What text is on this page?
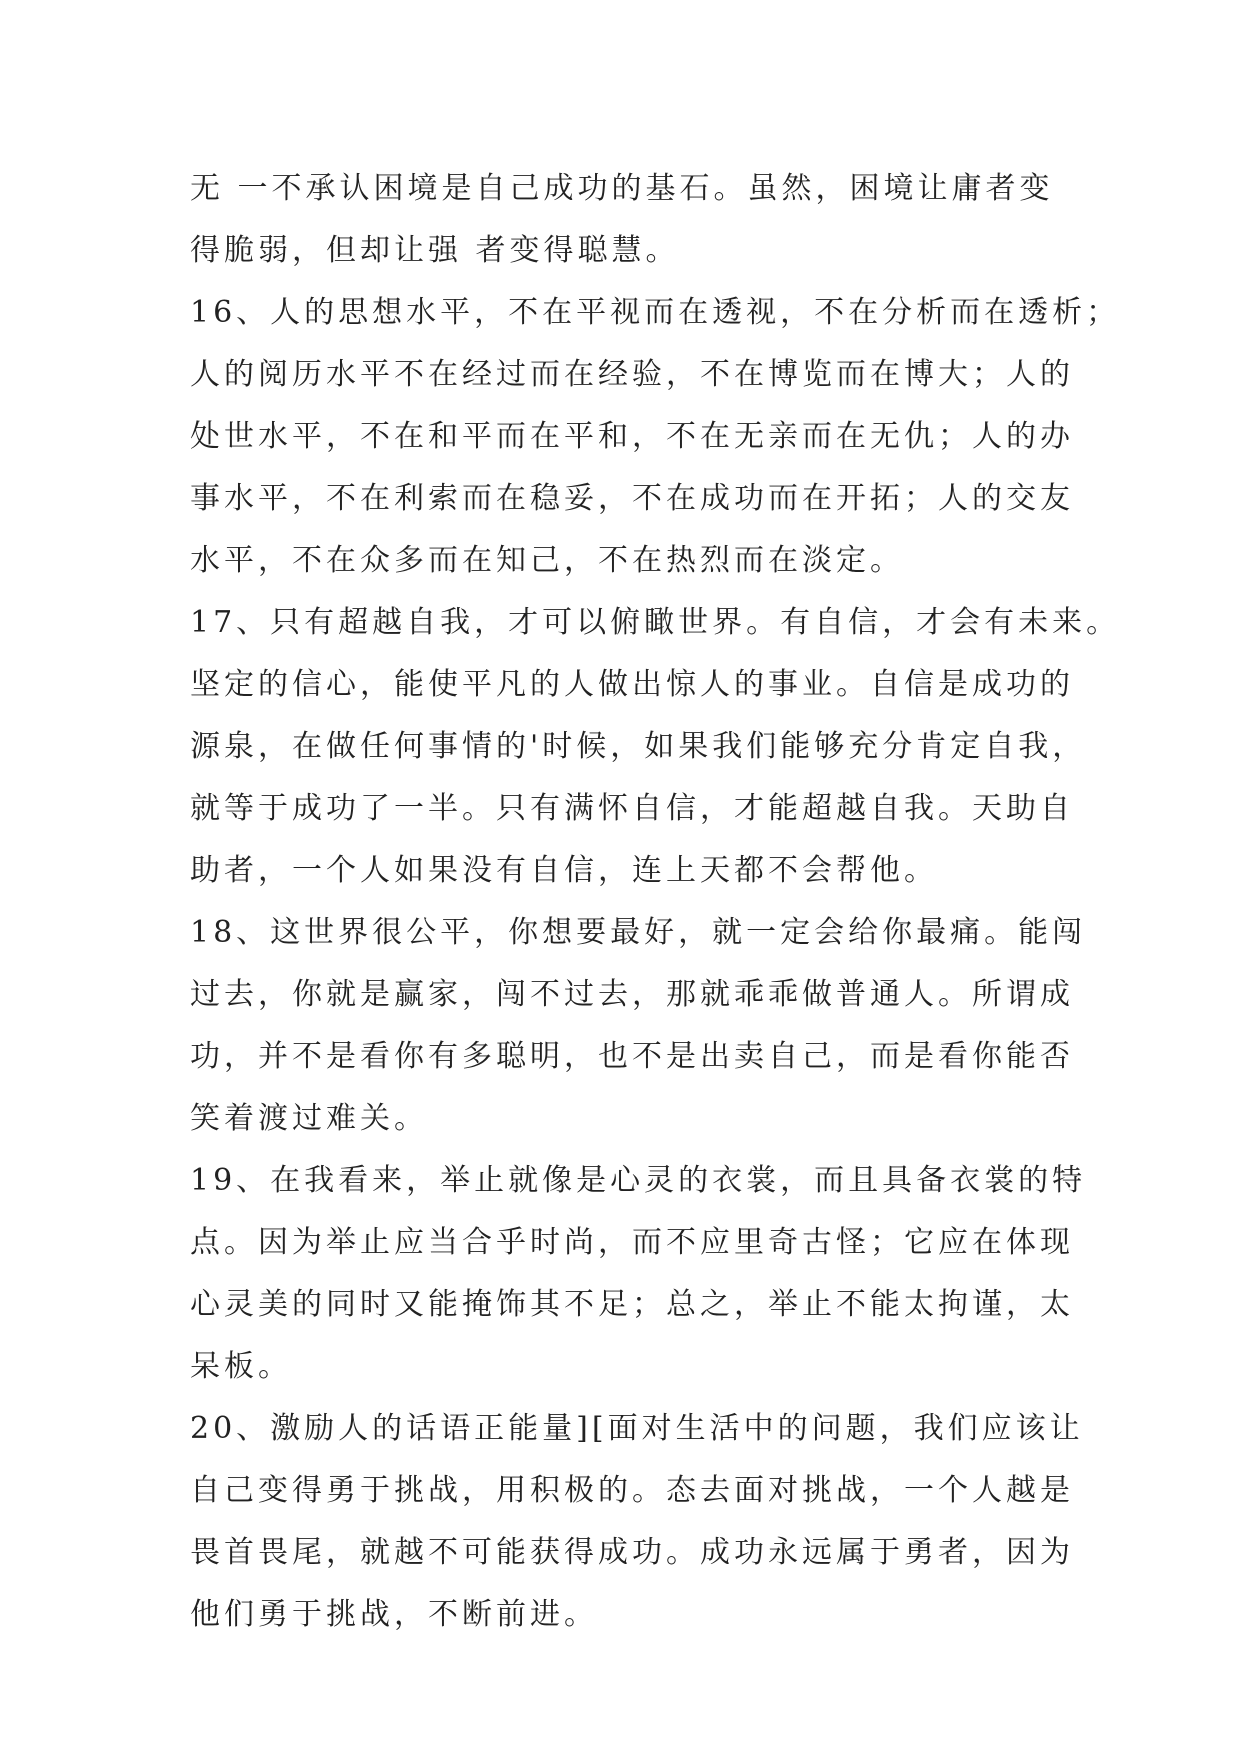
无 一不承认困境是自己成功的基石。虽然，困境让庸者变
得脆弱，但却让强 者变得聪慧。
16、人的思想水平，不在平视而在透视，不在分析而在透析；
人的阅历水平不在经过而在经验，不在博览而在博大；人的
处世水平，不在和平而在平和，不在无亲而在无仇；人的办
事水平，不在利索而在稳妥，不在成功而在开拓；人的交友
水平，不在众多而在知己，不在热烈而在淡定。
17、只有超越自我，才可以俯瞰世界。有自信，才会有未来。
坚定的信心，能使平凡的人做出惊人的事业。自信是成功的
源泉，在做任何事情的'时候，如果我们能够充分肯定自我，
就等于成功了一半。只有满怀自信，才能超越自我。天助自
助者，一个人如果没有自信，连上天都不会帮他。
18、这世界很公平，你想要最好，就一定会给你最痛。能闯
过去，你就是赢家，闯不过去，那就乖乖做普通人。所谓成
功，并不是看你有多聪明，也不是出卖自己，而是看你能否
笑着渡过难关。
19、在我看来，举止就像是心灵的衣裳，而且具备衣裳的特
点。因为举止应当合乎时尚，而不应里奇古怪；它应在体现
心灵美的同时又能掩饰其不足；总之，举止不能太拘谨，太
呆板。
20、激励人的话语正能量][面对生活中的问题，我们应该让
自己变得勇于挑战，用积极的。态去面对挑战，一个人越是
畏首畏尾，就越不可能获得成功。成功永远属于勇者，因为
他们勇于挑战，不断前进。
